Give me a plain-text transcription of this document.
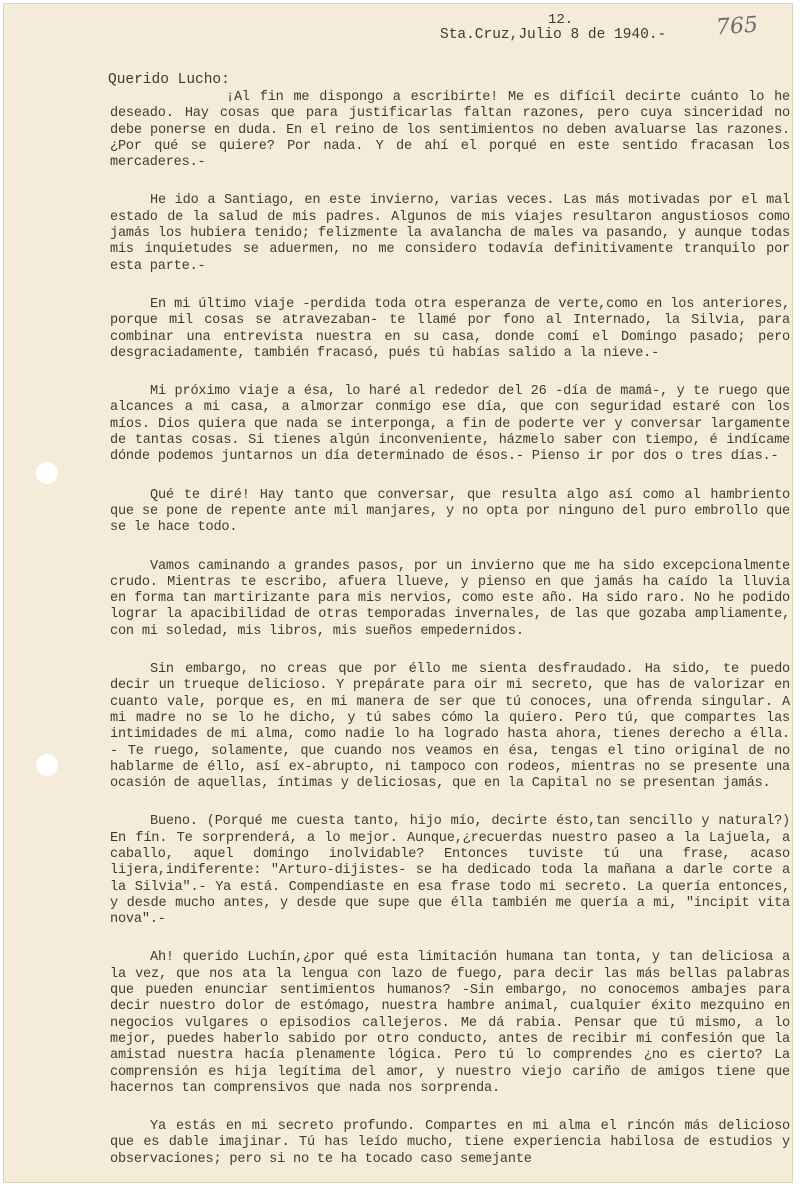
12.	765
Sta.Cruz,Julio 8 de 1940.-
Querido Lucho:

¡Al fin me dispongo a escribirte! Me es difícil decirte cuánto lo he deseado. Hay cosas que para justificarlas faltan razones, pero cuya sinceridad no debe ponerse en duda. En el reino de los sentimientos no deben avaluarse las razones. ¿Por qué se quiere? Por nada. Y de ahí el porqué en este sentido fracasan los mercaderes.-

He ido a Santiago, en este invierno, varias veces. Las más motivadas por el mal estado de la salud de mis padres. Algunos de mis viajes resultaron angustiosos como jamás los hubiera tenido; felizmente la avalancha de males va pasando, y aunque todas mis inquietudes se aduermen, no me considero todavía definitivamente tranquilo por esta parte.-

En mi último viaje -perdida toda otra esperanza de verte,como en los anteriores, porque mil cosas se atravezaban- te llamé por fono al Internado, la Silvia, para combinar una entrevista nuestra en su casa, donde comí el Domingo pasado; pero desgraciadamente, también fracasó, pués tú habías salido a la nieve.-

Mi próximo viaje a ésa, lo haré al rededor del 26 -día de mamá-, y te ruego que alcances a mi casa, a almorzar conmigo ese día, que con seguridad estaré con los míos. Dios quiera que nada se interponga, a fin de poderte ver y conversar largamente de tantas cosas. Si tienes algún inconveniente, házmelo saber con tiempo, é indícame dónde podemos juntarnos un día determinado de ésos.- Pienso ir por dos o tres días.-

Qué te diré! Hay tanto que conversar, que resulta algo así como al hambriento que se pone de repente ante mil manjares, y no opta por ninguno del puro embrollo que se le hace todo.

Vamos caminando a grandes pasos, por un invierno que me ha sido excepcionalmente crudo. Mientras te escribo, afuera llueve, y pienso en que jamás ha caído la lluvia en forma tan martirizante para mis nervios, como este año. Ha sido raro. No he podido lograr la apacibilidad de otras temporadas invernales, de las que gozaba ampliamente, con mi soledad, mis libros, mis sueños empedernidos.

Sin embargo, no creas que por éllo me sienta desfraudado. Ha sido, te puedo decir un trueque delicioso. Y prepárate para oir mi secreto, que has de valorizar en cuanto vale, porque es, en mi manera de ser que tú conoces, una ofrenda singular. A mi madre no se lo he dicho, y tú sabes cómo la quiero. Pero tú, que compartes las intimidades de mi alma, como nadie lo ha logrado hasta ahora, tienes derecho a élla. - Te ruego, solamente, que cuando nos veamos en ésa, tengas el tino original de no hablarme de éllo, así ex-abrupto, ni tampoco con rodeos, mientras no se presente una ocasión de aquellas, íntimas y deliciosas, que en la Capital no se presentan jamás.

Bueno. (Porqué me cuesta tanto, hijo mío, decirte ésto,tan sencillo y natural?) En fín. Te sorprenderá, a lo mejor. Aunque,¿recuerdas nuestro paseo a la Lajuela, a caballo, aquel domingo inolvidable? Entonces tuviste tú una frase, acaso lijera,indiferente: "Arturo-dijistes- se ha dedicado toda la mañana a darle corte a la Silvia".- Ya está. Compendiaste en esa frase todo mi secreto. La quería entonces, y desde mucho antes, y desde que supe que élla también me quería a mi, "incipit vita nova".-

Ah! querido Luchín,¿por qué esta limitación humana tan tonta, y tan deliciosa a la vez, que nos ata la lengua con lazo de fuego, para decir las más bellas palabras que pueden enunciar sentimientos humanos? -Sin embargo, no conocemos ambajes para decir nuestro dolor de estómago, nuestra hambre animal, cualquier éxito mezquino en negocios vulgares o episodios callejeros. Me dá rabia. Pensar que tú mismo, a lo mejor, puedes haberlo sabido por otro conducto, antes de recibir mi confesión que la amistad nuestra hacía plenamente lógica. Pero tú lo comprendes ¿no es cierto? La comprensión es hija legítima del amor, y nuestro viejo cariño de amigos tiene que hacernos tan comprensivos que nada nos sorprenda.

Ya estás en mi secreto profundo. Compartes en mi alma el rincón más delicioso que es dable imajinar. Tú has leído mucho, tiene experiencia habilosa de estudios y observaciones; pero si no te ha tocado caso semejante
